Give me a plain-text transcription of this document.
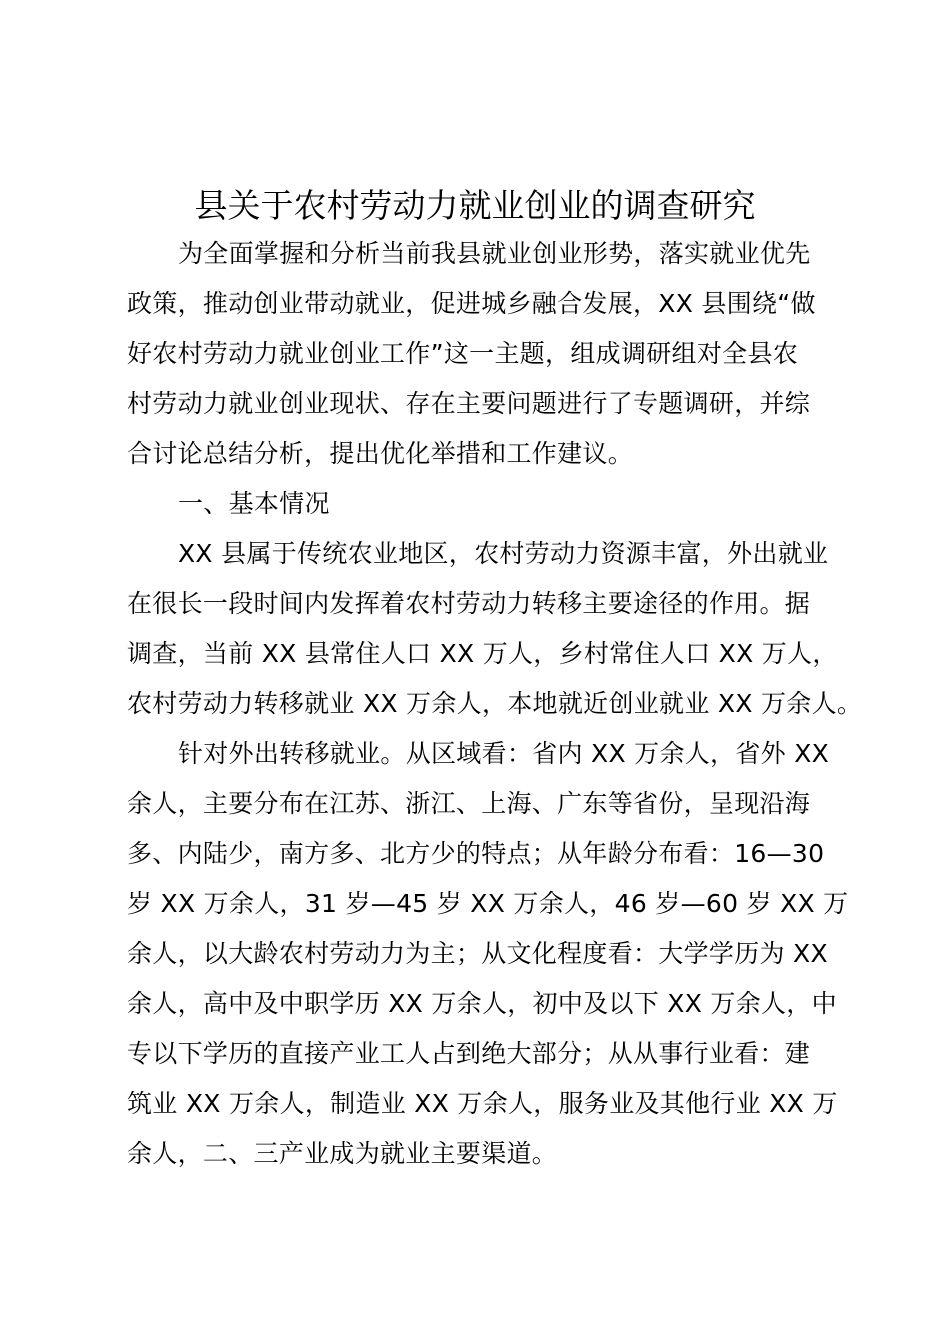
县关于农村劳动力就业创业的调查研究
为全面掌握和分析当前我县就业创业形势，落实就业优先
政策，推动创业带动就业，促进城乡融合发展，XX 县围绕“做
好农村劳动力就业创业工作”这一主题，组成调研组对全县农
村劳动力就业创业现状、存在主要问题进行了专题调研，并综
合讨论总结分析，提出优化举措和工作建议。
一、基本情况
XX 县属于传统农业地区，农村劳动力资源丰富，外出就业
在很长一段时间内发挥着农村劳动力转移主要途径的作用。据
调查，当前 XX 县常住人口 XX 万人，乡村常住人口 XX 万人，
农村劳动力转移就业 XX 万余人，本地就近创业就业 XX 万余人。
针对外出转移就业。从区域看：省内 XX 万余人，省外 XX
余人，主要分布在江苏、浙江、上海、广东等省份，呈现沿海
多、内陆少，南方多、北方少的特点；从年龄分布看：16—30
岁 XX 万余人，31 岁—45 岁 XX 万余人，46 岁—60 岁 XX 万
余人，以大龄农村劳动力为主；从文化程度看：大学学历为 XX
余人，高中及中职学历 XX 万余人，初中及以下 XX 万余人，中
专以下学历的直接产业工人占到绝大部分；从从事行业看：建
筑业 XX 万余人，制造业 XX 万余人，服务业及其他行业 XX 万
余人，二、三产业成为就业主要渠道。
